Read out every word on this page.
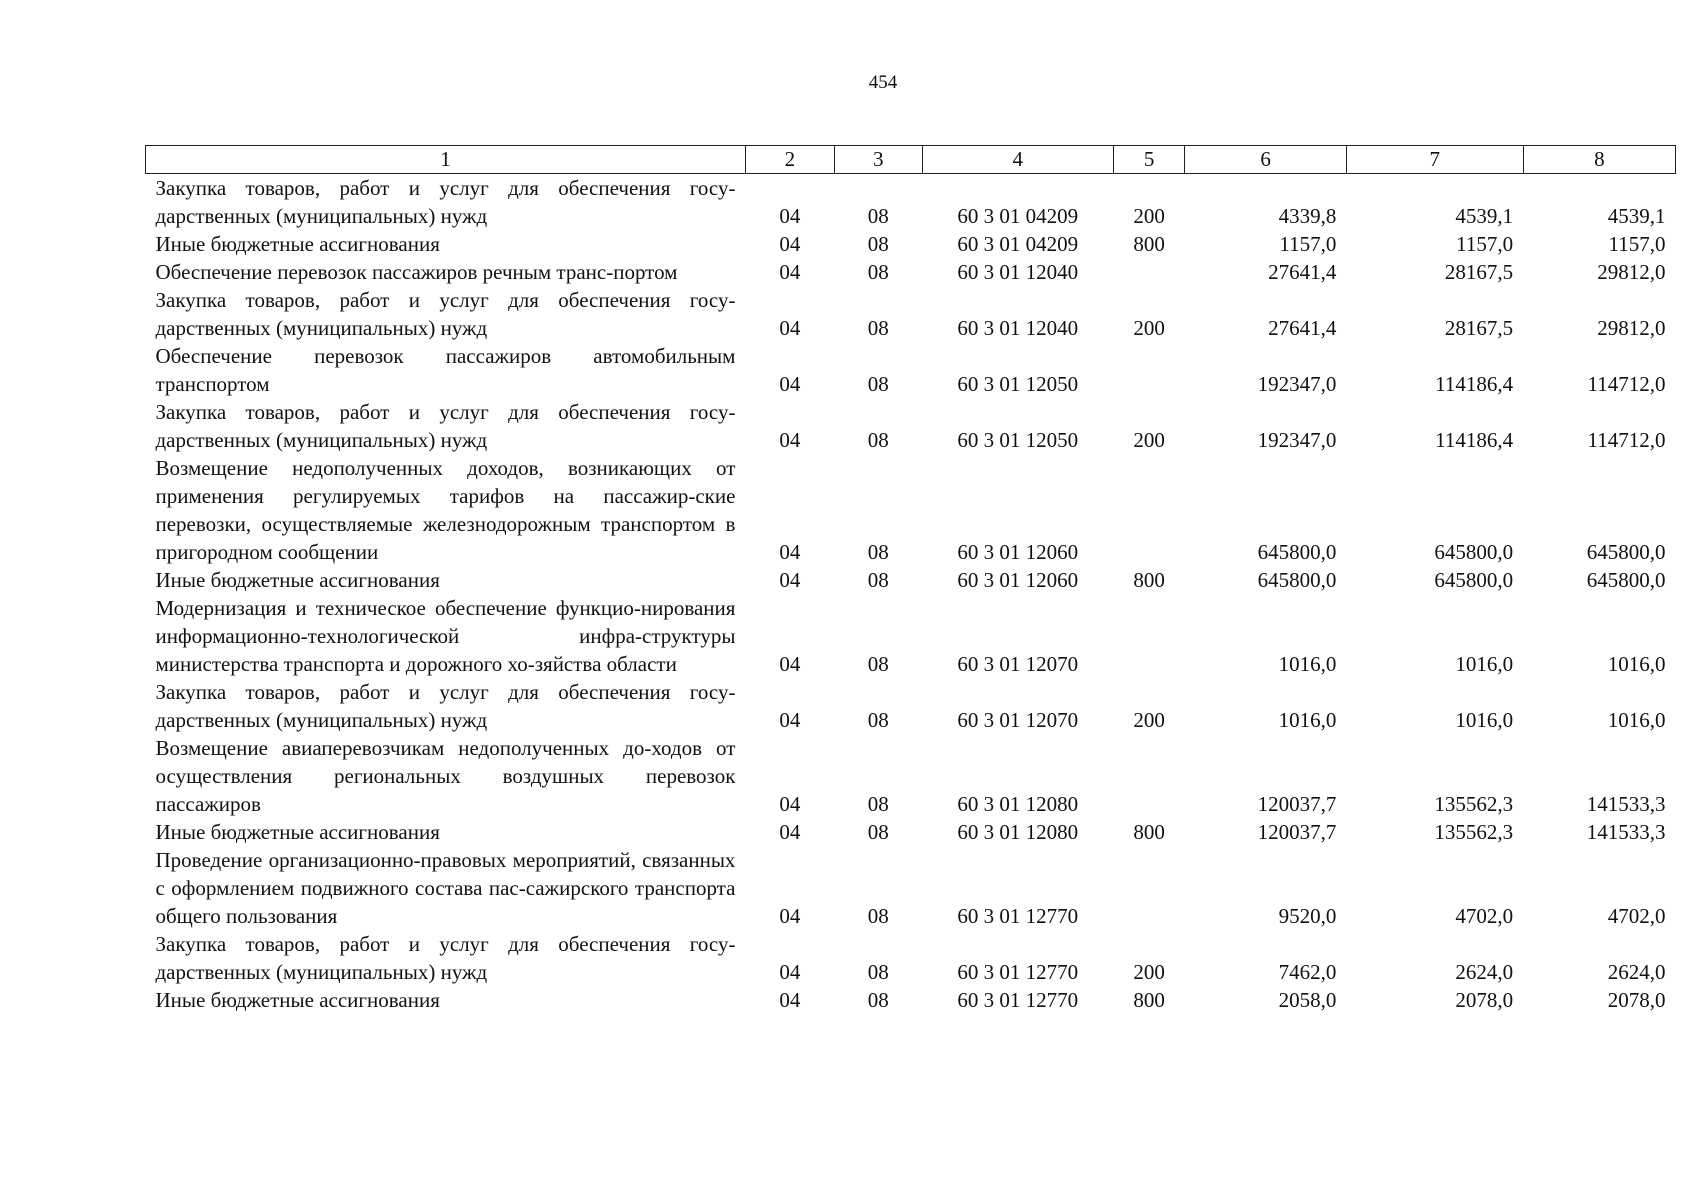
454
1	2	3	4	5	6	7	8
Закупка товаров, работ и услуг для обеспечения госу-дарственных (муниципальных) нужд	04	08	60 3 01 04209	200	4339,8	4539,1	4539,1
Иные бюджетные ассигнования	04	08	60 3 01 04209	800	1157,0	1157,0	1157,0
Обеспечение перевозок пассажиров речным транс-портом	04	08	60 3 01 12040		27641,4	28167,5	29812,0
Закупка товаров, работ и услуг для обеспечения госу-дарственных (муниципальных) нужд	04	08	60 3 01 12040	200	27641,4	28167,5	29812,0
Обеспечение перевозок пассажиров автомобильным транспортом	04	08	60 3 01 12050		192347,0	114186,4	114712,0
Закупка товаров, работ и услуг для обеспечения госу-дарственных (муниципальных) нужд	04	08	60 3 01 12050	200	192347,0	114186,4	114712,0
Возмещение недополученных доходов, возникающих от применения регулируемых тарифов на пассажир-ские перевозки, осуществляемые железнодорожным транспортом в пригородном сообщении	04	08	60 3 01 12060		645800,0	645800,0	645800,0
Иные бюджетные ассигнования	04	08	60 3 01 12060	800	645800,0	645800,0	645800,0
Модернизация и техническое обеспечение функцио-нирования информационно-технологической инфра-структуры министерства транспорта и дорожного хо-зяйства области	04	08	60 3 01 12070		1016,0	1016,0	1016,0
Закупка товаров, работ и услуг для обеспечения госу-дарственных (муниципальных) нужд	04	08	60 3 01 12070	200	1016,0	1016,0	1016,0
Возмещение авиаперевозчикам недополученных до-ходов от осуществления региональных воздушных перевозок пассажиров	04	08	60 3 01 12080		120037,7	135562,3	141533,3
Иные бюджетные ассигнования	04	08	60 3 01 12080	800	120037,7	135562,3	141533,3
Проведение организационно-правовых мероприятий, связанных с оформлением подвижного состава пас-сажирского транспорта общего пользования	04	08	60 3 01 12770		9520,0	4702,0	4702,0
Закупка товаров, работ и услуг для обеспечения госу-дарственных (муниципальных) нужд	04	08	60 3 01 12770	200	7462,0	2624,0	2624,0
Иные бюджетные ассигнования	04	08	60 3 01 12770	800	2058,0	2078,0	2078,0
